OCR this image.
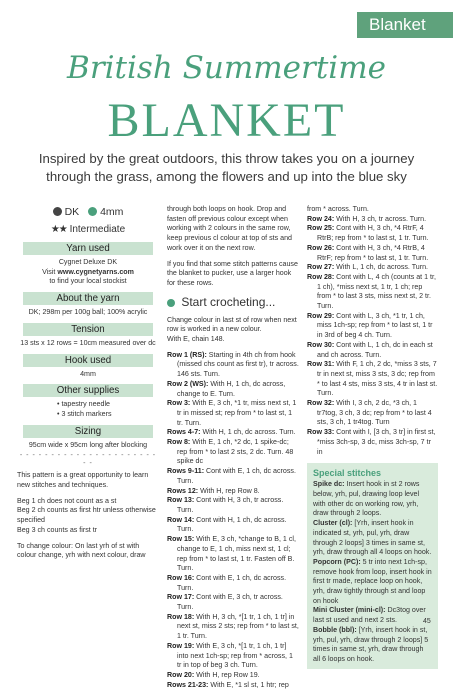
Blanket
British Summertime
BLANKET
Inspired by the great outdoors, this throw takes you on a journey through the grass, among the flowers and up into the blue sky
DK 4mm
★★ Intermediate
Yarn used
Cygnet Deluxe DK
Visit www.cygnetyarns.com
to find your local stockist
About the yarn
DK; 298m per 100g ball; 100% acrylic
Tension
13 sts x 12 rows = 10cm measured over dc
Hook used
4mm
Other supplies
• tapestry needle
• 3 stitch markers
Sizing
95cm wide x 95cm long after blocking
- - - - - - - - - - - - - - - - - - - - - - - -

This pattern is a great opportunity to learn new stitches and techniques.

Beg 1 ch does not count as a st
Beg 2 ch counts as first htr unless otherwise specified
Beg 3 ch counts as first tr

To change colour: On last yrh of st with colour change, yrh with next colour, draw

through both loops on hook. Drop and fasten off previous colour except when working with 2 colours in the same row, keep previous cl colour at top of sts and work over it on the next row.

If you find that some stitch patterns cause the blanket to pucker, use a larger hook for these rows.

Start crocheting...

Change colour in last st of row when next row is worked in a new colour.
With E, chain 148.

Row 1 (RS): Starting in 4th ch from hook (missed chs count as first tr), tr across. 146 sts. Turn.

Row 2 (WS): With H, 1 ch, dc across, change to E. Turn.

Row 3: With E, 3 ch, *1 tr, miss next st, 1 tr in missed st; rep from * to last st, 1 tr. Turn.

Rows 4-7: With H, 1 ch, dc across. Turn.

Row 8: With E, 1 ch, *2 dc, 1 spike-dc; rep from * to last 2 sts, 2 dc. Turn. 48 spike dc

Rows 9-11: Cont with E, 1 ch, dc across. Turn.

Rows 12: With H, rep Row 8.

Row 13: Cont with H, 3 ch, tr across. Turn.

Row 14: Cont with H, 1 ch, dc across. Turn.

Row 15: With E, 3 ch, *change to B, 1 cl, change to E, 1 ch, miss next st, 1 cl; rep from * to last st, 1 tr. Fasten off B. Turn.

Row 16: Cont with E, 1 ch, dc across. Turn.

Row 17: Cont with E, 3 ch, tr across. Turn.

Row 18: With H, 3 ch, *[1 tr, 1 ch, 1 tr] in next st, miss 2 sts; rep from * to last st, 1 tr. Turn.

Row 19: With E, 3 ch, *[1 tr, 1 ch, 1 tr] into next 1ch-sp; rep from * across, 1 tr in top of beg 3 ch. Turn.

Row 20: With H, rep Row 19.

Rows 21-23: With E, *1 sl st, 1 htr; rep

from * across. Turn.

Row 24: With H, 3 ch, tr across. Turn.

Row 25: Cont with H, 3 ch, *4 RtrF, 4 RtrB; rep from * to last st, 1 tr. Turn.

Row 26: Cont with H, 3 ch, *4 RtrB, 4 RtrF; rep from * to last st, 1 tr. Turn.

Row 27: With L, 1 ch, dc across. Turn.

Row 28: Cont with L, 4 ch (counts at 1 tr, 1 ch), *miss next st, 1 tr, 1 ch; rep from * to last 3 sts, miss next st, 2 tr. Turn.

Row 29: Cont with L, 3 ch, *1 tr, 1 ch, miss 1ch-sp; rep from * to last st, 1 tr in 3rd of beg 4 ch. Turn.

Row 30: Cont with L, 1 ch, dc in each st and ch across. Turn.

Row 31: With F, 1 ch, 2 dc, *miss 3 sts, 7 tr in next st, miss 3 sts, 3 dc; rep from * to last 4 sts, miss 3 sts, 4 tr in last st. Turn.

Row 32: With I, 3 ch, 2 dc, *3 ch, 1 tr7tog, 3 ch, 3 dc; rep from * to last 4 sts, 3 ch, 1 tr4tog. Turn

Row 33: Cont with I, [3 ch, 3 tr] in first st, *miss 3ch-sp, 3 dc, miss 3ch-sp, 7 tr in

Special stitches

Spike dc: Insert hook in st 2 rows below, yrh, pul, drawing loop level with other dc on working row, yrh, draw through 2 loops.

Cluster (cl): [Yrh, insert hook in indicated st, yrh, pul, yrh, draw through 2 loops] 3 times in same st, yrh, draw through all 4 loops on hook.

Popcorn (PC): 5 tr into next 1ch-sp, remove hook from loop, insert hook in first tr made, replace loop on hook, yrh, draw tightly through st and loop on hook

Mini Cluster (mini-cl): Dc3tog over last st used and next 2 sts.

Bobble (bbl): [Yrh, insert hook in st, yrh, pul, yrh, draw through 2 loops] 5 times in same st, yrh, draw through all 6 loops on hook.

45
